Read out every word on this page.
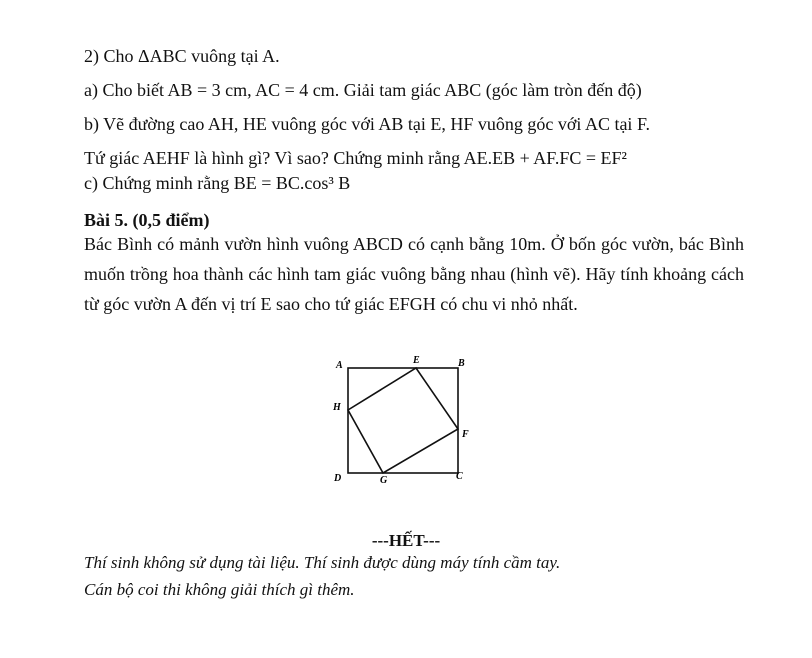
2) Cho ΔABC vuông tại A.
a) Cho biết AB = 3 cm, AC = 4 cm. Giải tam giác ABC (góc làm tròn đến độ)
b) Vẽ đường cao AH, HE vuông góc với AB tại E, HF vuông góc với AC tại F.
Tứ giác AEHF là hình gì? Vì sao? Chứng minh rằng AE.EB + AF.FC = EF²
c) Chứng minh rằng BE = BC.cos³ B
Bài 5. (0,5 điểm)
Bác Bình có mảnh vườn hình vuông ABCD có cạnh bằng 10m. Ở bốn góc vườn, bác Bình muốn trồng hoa thành các hình tam giác vuông bằng nhau (hình vẽ). Hãy tính khoảng cách từ góc vườn A đến vị trí E sao cho tứ giác EFGH có chu vi nhỏ nhất.
A	E	B
H
F
D	G	C
---HẾT---
Thí sinh không sử dụng tài liệu. Thí sinh được dùng máy tính cầm tay.
Cán bộ coi thi không giải thích gì thêm.
